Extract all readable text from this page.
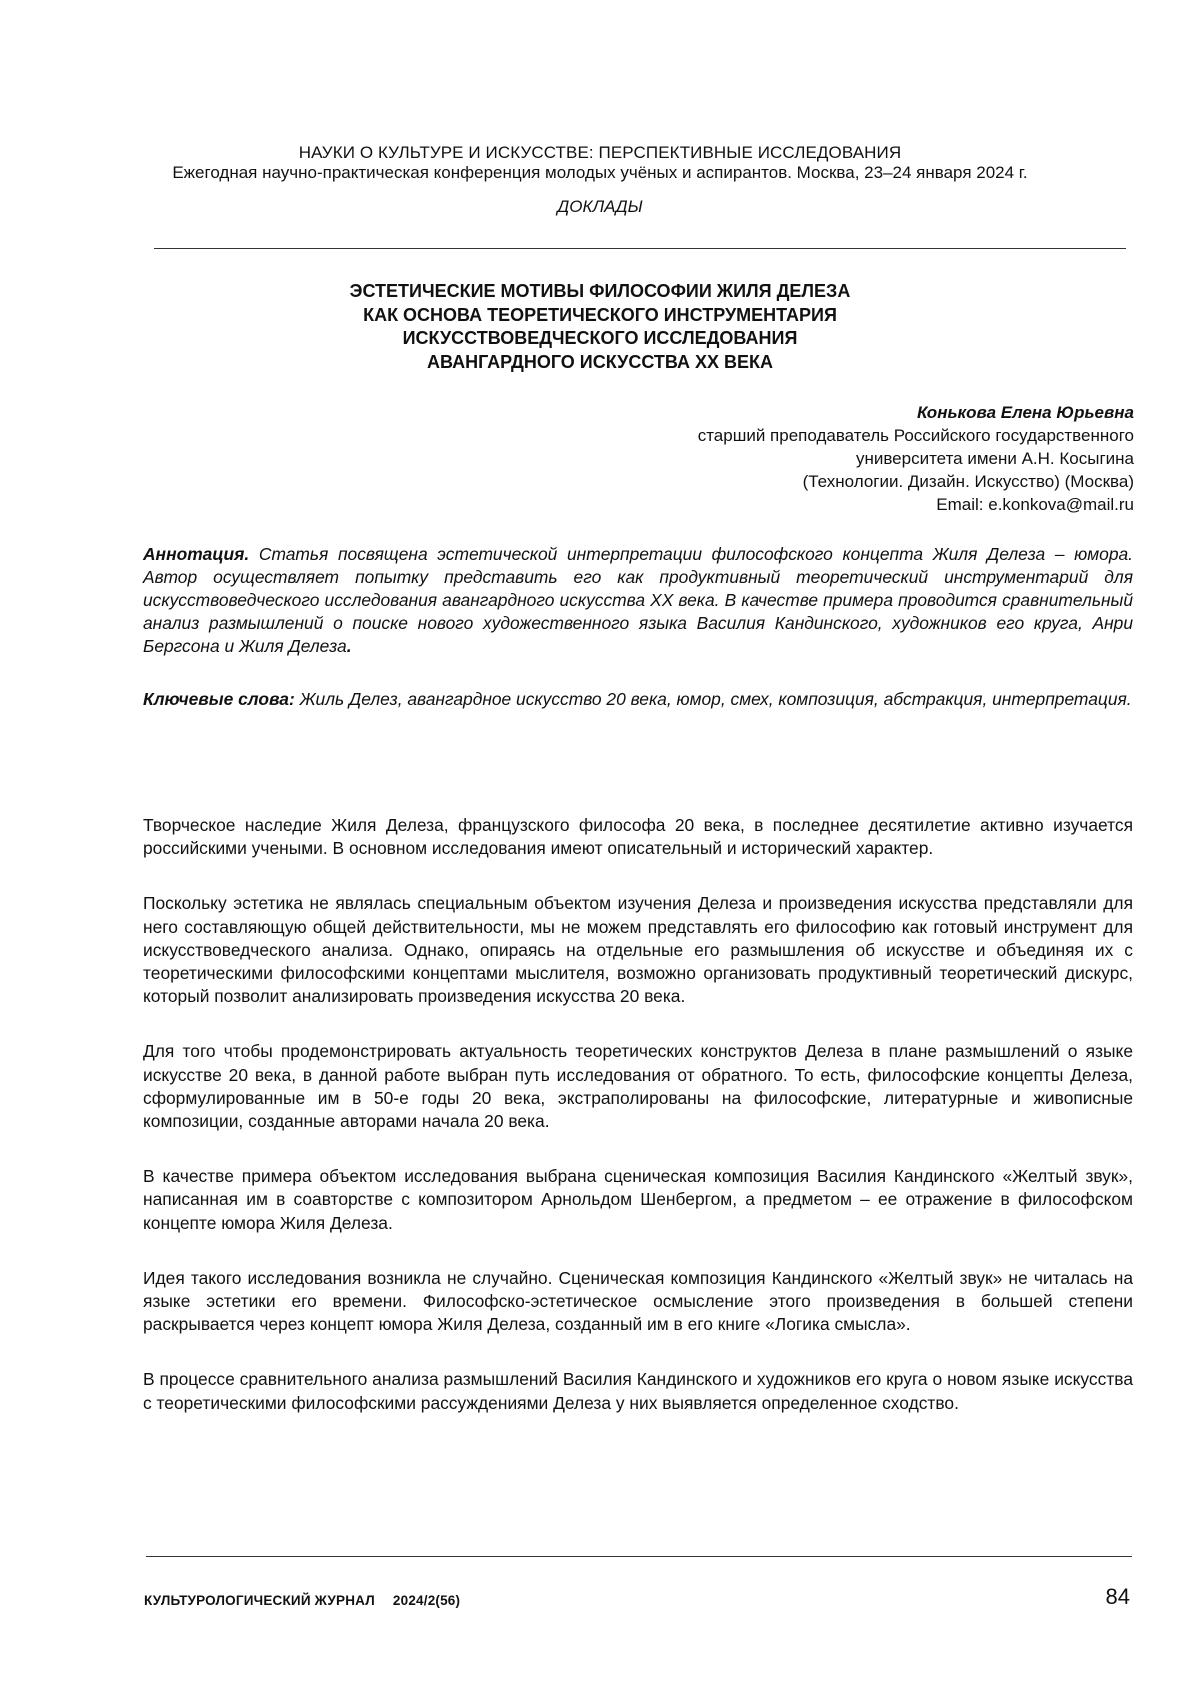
НАУКИ О КУЛЬТУРЕ И ИСКУССТВЕ: ПЕРСПЕКТИВНЫЕ ИССЛЕДОВАНИЯ
Ежегодная научно-практическая конференция молодых учёных и аспирантов. Москва, 23–24 января 2024 г.
ДОКЛАДЫ
ЭСТЕТИЧЕСКИЕ МОТИВЫ ФИЛОСОФИИ ЖИЛЯ ДЕЛЕЗА
КАК ОСНОВА ТЕОРЕТИЧЕСКОГО ИНСТРУМЕНТАРИЯ
ИСКУССТВОВЕДЧЕСКОГО ИССЛЕДОВАНИЯ
АВАНГАРДНОГО ИСКУССТВА XX ВЕКА
Конькова Елена Юрьевна
старший преподаватель Российского государственного
университета имени А.Н. Косыгина
(Технологии. Дизайн. Искусство) (Москва)
Email: e.konkova@mail.ru
Аннотация. Статья посвящена эстетической интерпретации философского концепта Жиля Делеза – юмора. Автор осуществляет попытку представить его как продуктивный теоретический инструментарий для искусствоведческого исследования авангардного искусства XX века. В качестве примера проводится сравнительный анализ размышлений о поиске нового художественного языка Василия Кандинского, художников его круга, Анри Бергсона и Жиля Делеза.
Ключевые слова: Жиль Делез, авангардное искусство 20 века, юмор, смех, композиция, абстракция, интерпретация.

Творческое наследие Жиля Делеза, французского философа 20 века, в последнее десятилетие активно изучается российскими учеными. В основном исследования имеют описательный и исторический характер.

Поскольку эстетика не являлась специальным объектом изучения Делеза и произведения искусства представляли для него составляющую общей действительности, мы не можем представлять его философию как готовый инструмент для искусствоведческого анализа. Однако, опираясь на отдельные его размышления об искусстве и объединяя их с теоретическими философскими концептами мыслителя, возможно организовать продуктивный теоретический дискурс, который позволит анализировать произведения искусства 20 века.

Для того чтобы продемонстрировать актуальность теоретических конструктов Делеза в плане размышлений о языке искусстве 20 века, в данной работе выбран путь исследования от обратного. То есть, философские концепты Делеза, сформулированные им в 50-е годы 20 века, экстраполированы на философские, литературные и живописные композиции, созданные авторами начала 20 века.

В качестве примера объектом исследования выбрана сценическая композиция Василия Кандинского «Желтый звук», написанная им в соавторстве с композитором Арнольдом Шенбергом, а предметом – ее отражение в философском концепте юмора Жиля Делеза.

Идея такого исследования возникла не случайно. Сценическая композиция Кандинского «Желтый звук» не читалась на языке эстетики его времени. Философско-эстетическое осмысление этого произведения в большей степени раскрывается через концепт юмора Жиля Делеза, созданный им в его книге «Логика смысла».

В процессе сравнительного анализа размышлений Василия Кандинского и художников его круга о новом языке искусства с теоретическими философскими рассуждениями Делеза у них выявляется определенное сходство.

КУЛЬТУРОЛОГИЧЕСКИЙ ЖУРНАЛ 2024/2(56)	84
